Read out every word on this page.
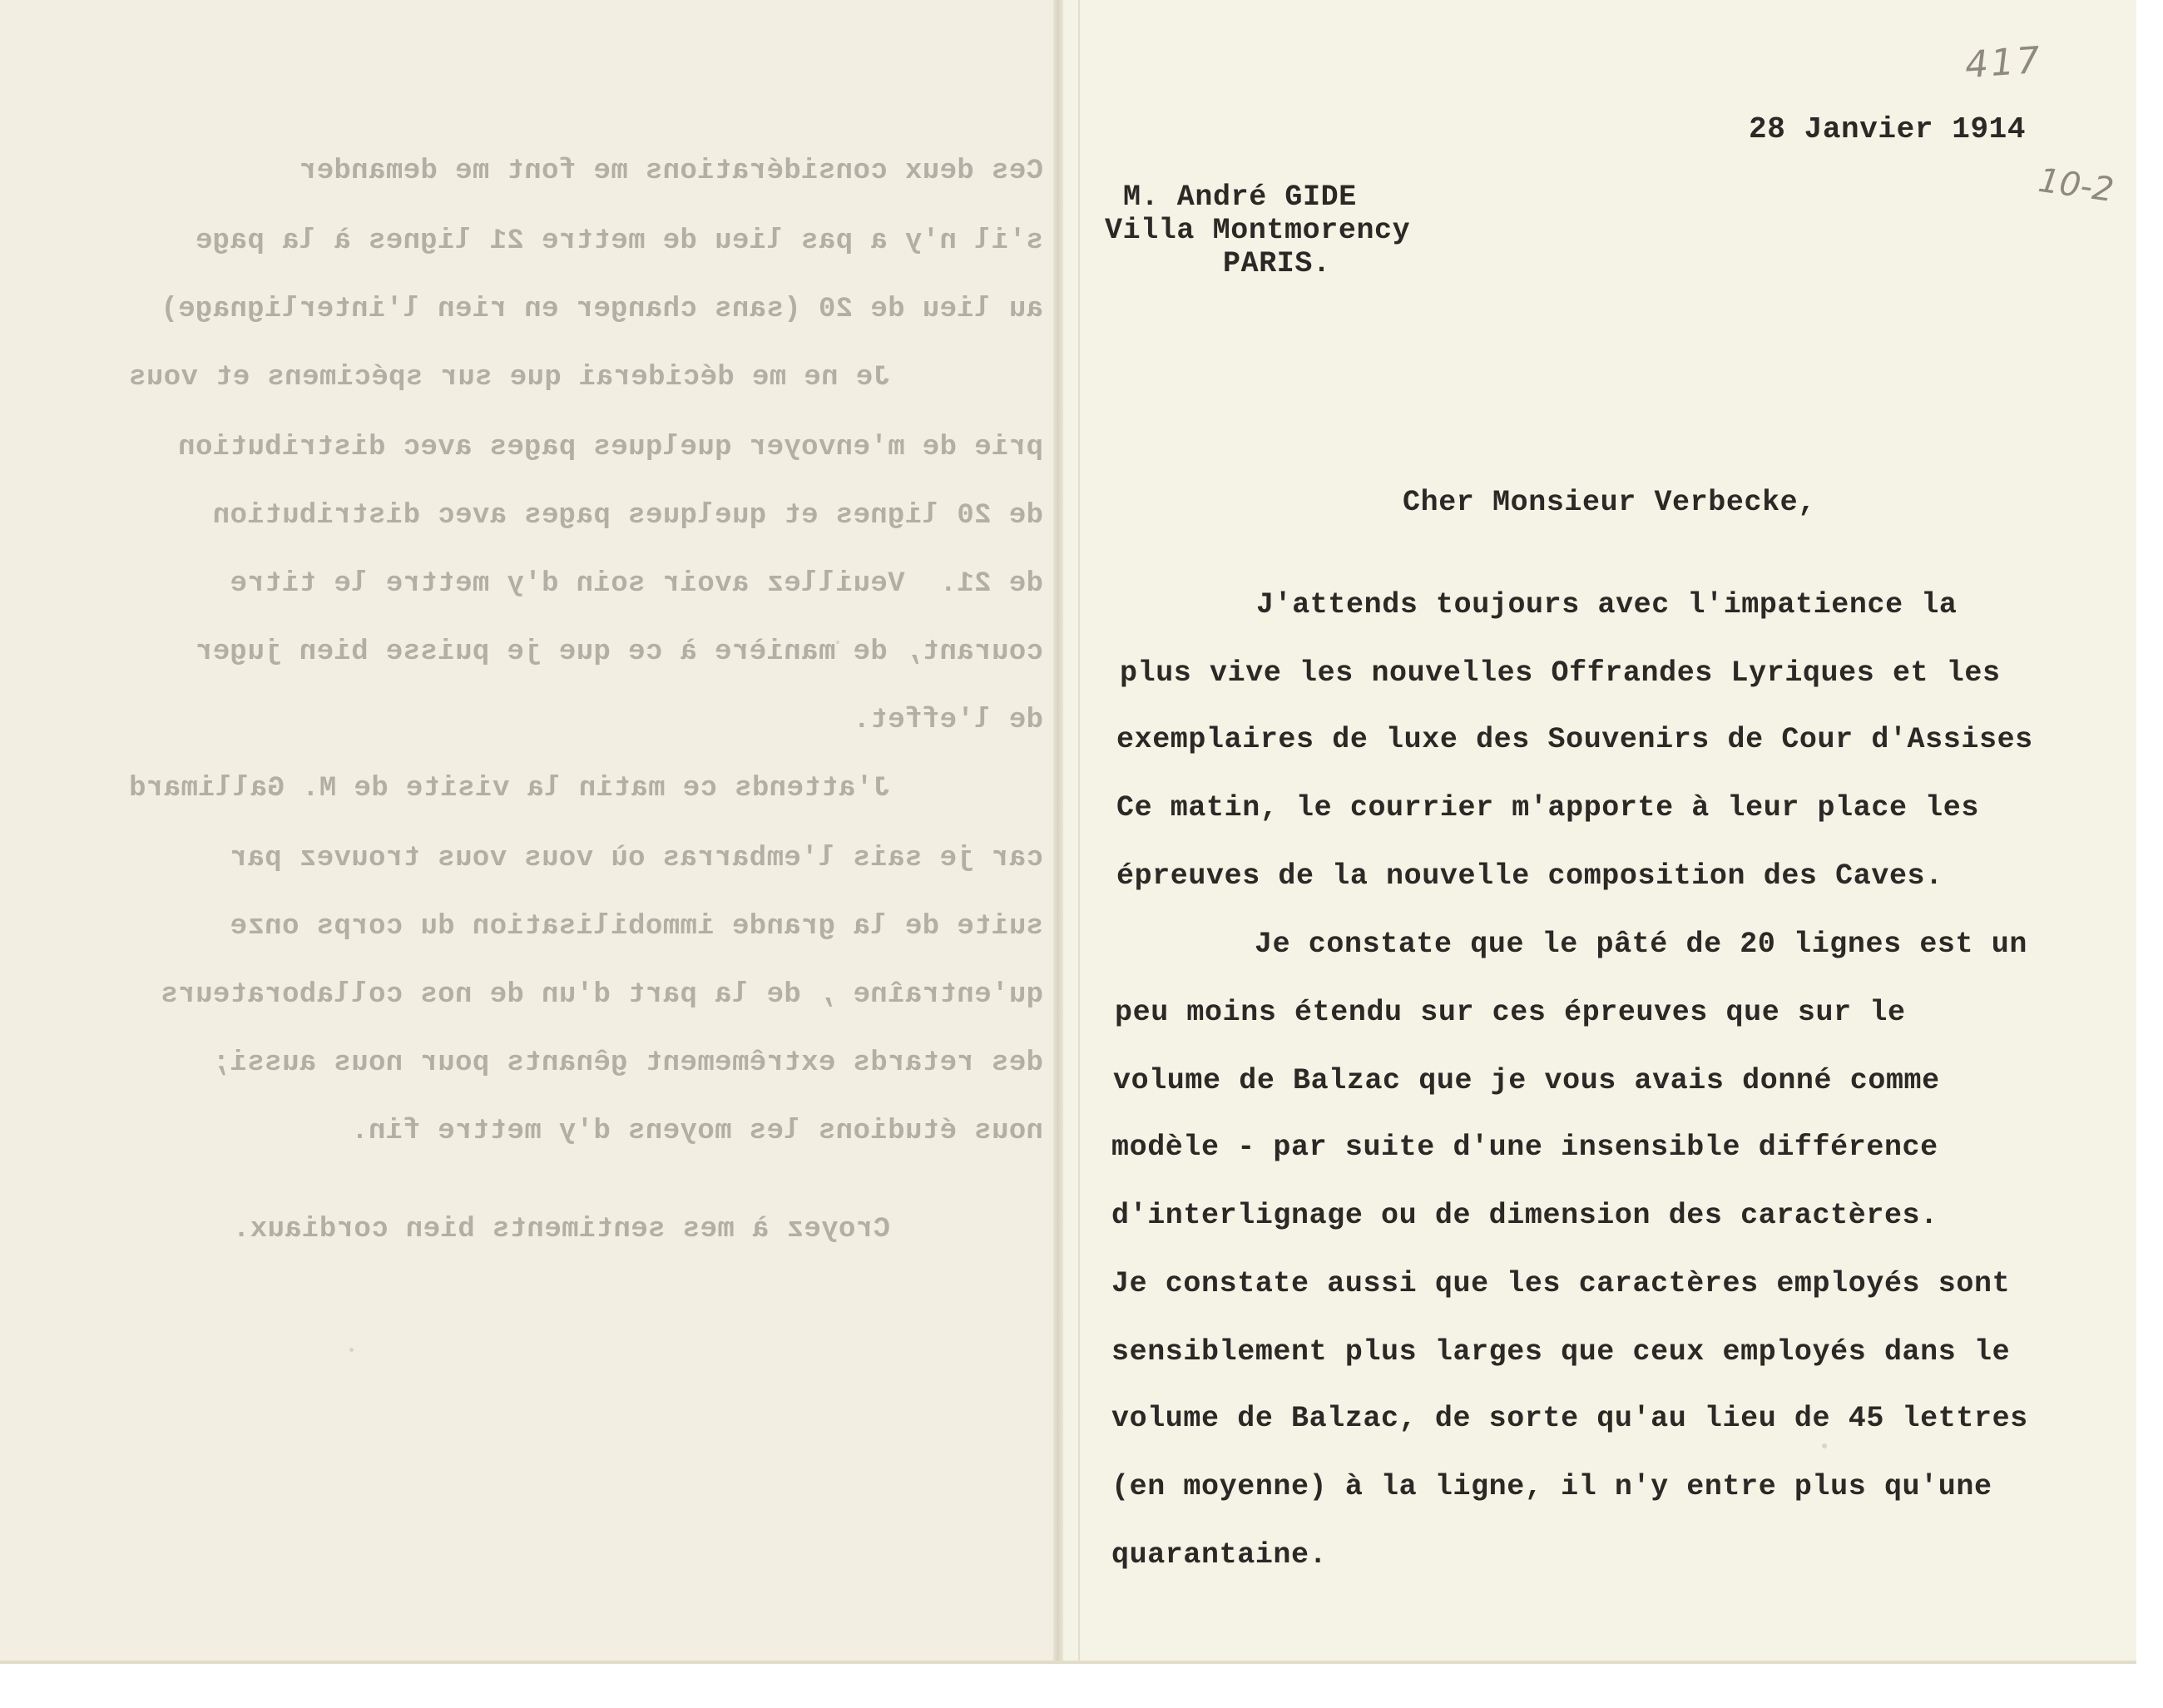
Ces deux considérations me font me demander
s'il n'y a pas lieu de mettre 21 lignes à la page
au lieu de 20 (sans changer en rien l'interlignage)
Je ne me déciderai que sur spécimens et vous
prie de m'envoyer quelques pages avec distribution
de 20 lignes et quelques pages avec distribution
de 21.  Veuillez avoir soin d'y mettre le titre
courant, de manière à ce que je puisse bien juger
de l'effet.
J'attends ce matin la visite de M. Gallimard
car je sais l'embarras où vous vous trouvez par
suite de la grande immobilisation du corps onze
qu'entraîne , de la part d'un de nos collaborateurs
des retards extrêmement gênants pour nous aussi;
nous étudions les moyens d'y mettre fin.
Croyez à mes sentiments bien cordiaux.
28 Janvier 1914
M. André GIDE
Villa Montmorency
PARIS.
Cher Monsieur Verbecke,
J'attends toujours avec l'impatience la
plus vive les nouvelles Offrandes Lyriques et les
exemplaires de luxe des Souvenirs de Cour d'Assises
Ce matin, le courrier m'apporte à leur place les
épreuves de la nouvelle composition des Caves.
Je constate que le pâté de 20 lignes est un
peu moins étendu sur ces épreuves que sur le
volume de Balzac que je vous avais donné comme
modèle - par suite d'une insensible différence
d'interlignage ou de dimension des caractères.
Je constate aussi que les caractères employés sont
sensiblement plus larges que ceux employés dans le
volume de Balzac, de sorte qu'au lieu de 45 lettres
(en moyenne) à la ligne, il n'y entre plus qu'une
quarantaine.
417
10-2
